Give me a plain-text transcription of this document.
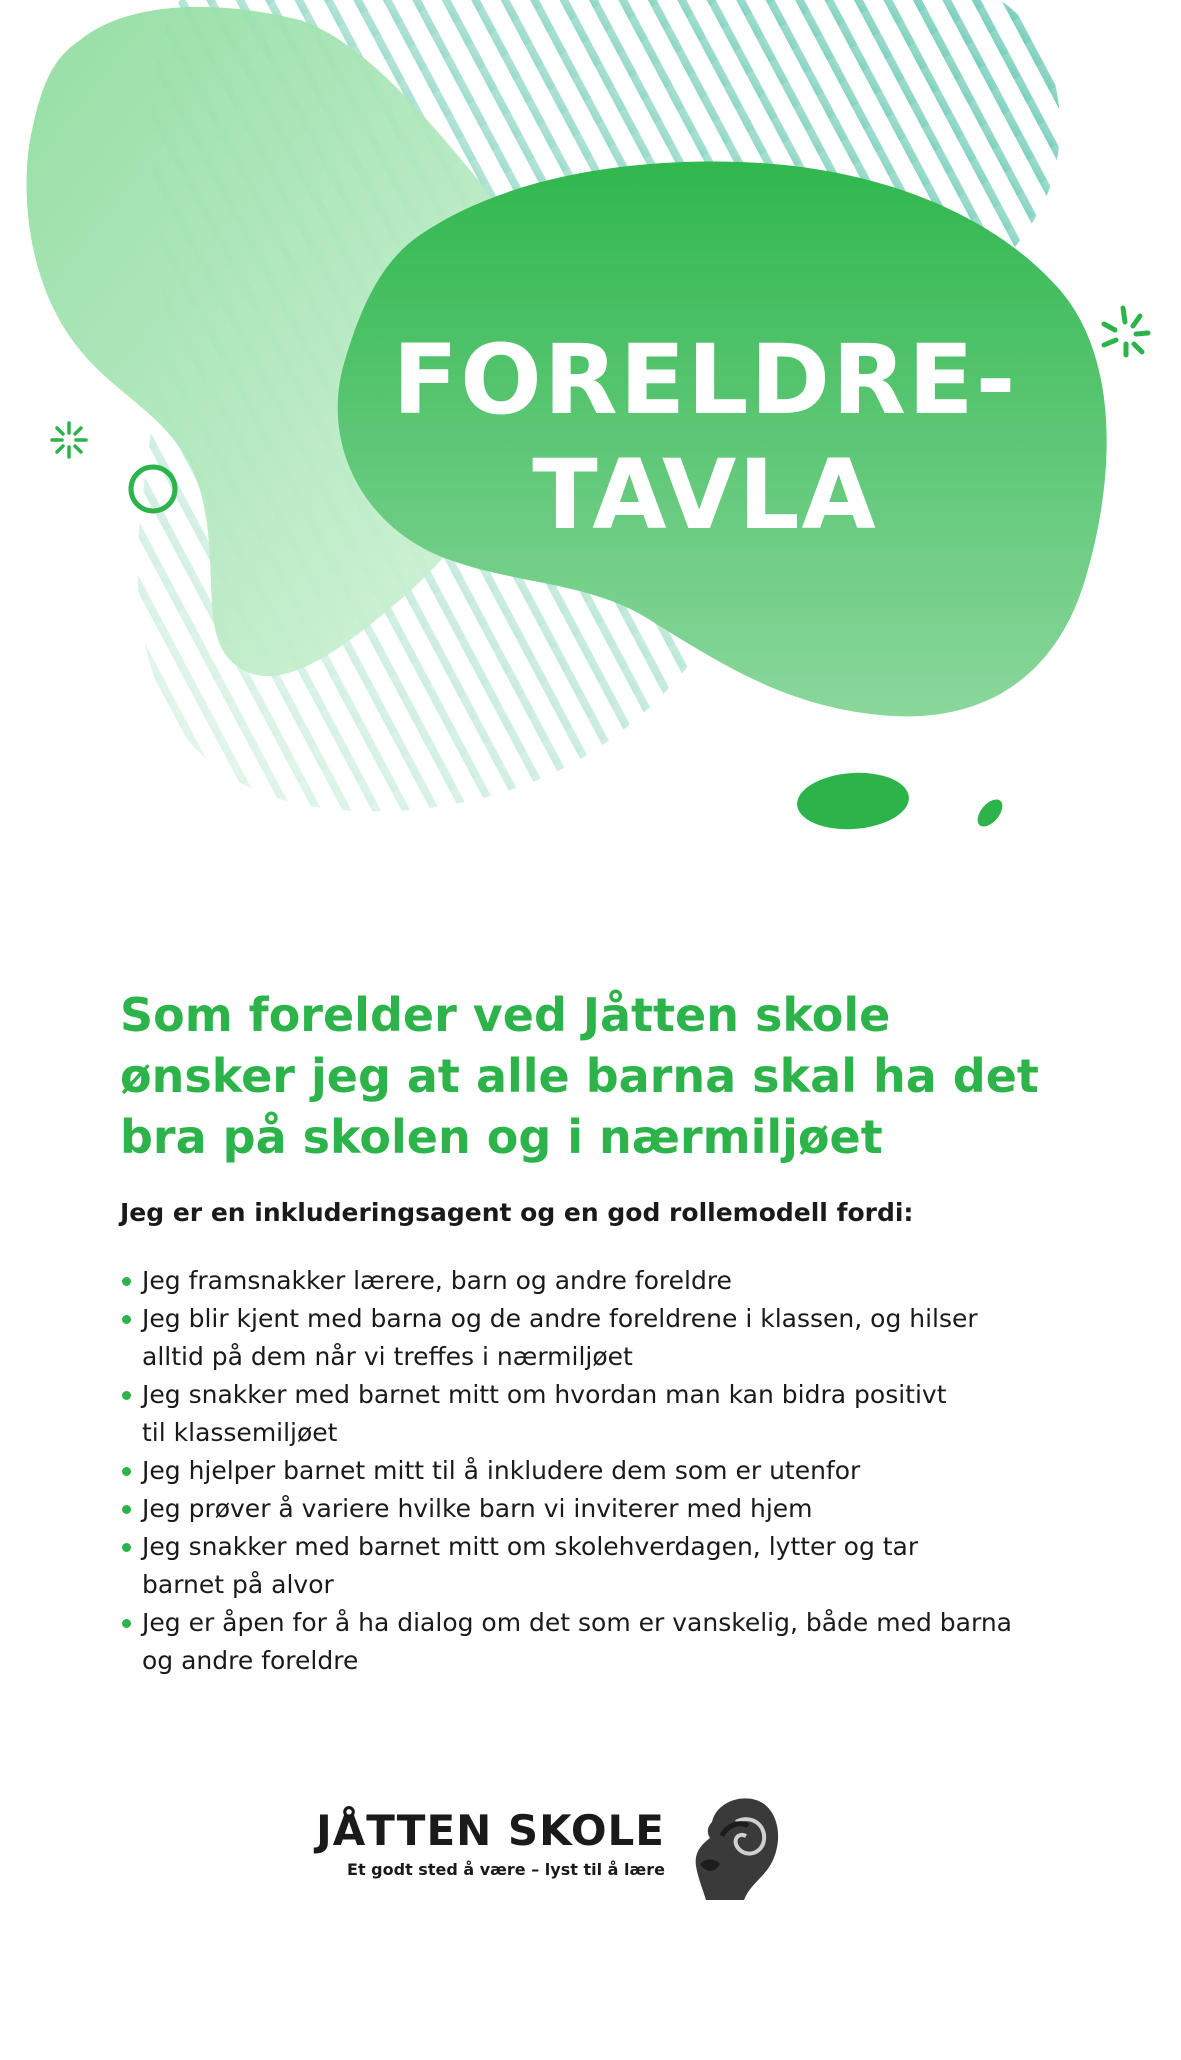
FORELDRE-
TAVLA
Som forelder ved Jåtten skole
ønsker jeg at alle barna skal ha det
bra på skolen og i nærmiljøet

Jeg er en inkluderingsagent og en god rollemodell fordi:

Jeg framsnakker lærere, barn og andre foreldre
Jeg blir kjent med barna og de andre foreldrene i klassen, og hilser
alltid på dem når vi treffes i nærmiljøet
Jeg snakker med barnet mitt om hvordan man kan bidra positivt
til klassemiljøet
Jeg hjelper barnet mitt til å inkludere dem som er utenfor
Jeg prøver å variere hvilke barn vi inviterer med hjem
Jeg snakker med barnet mitt om skolehverdagen, lytter og tar
barnet på alvor
Jeg er åpen for å ha dialog om det som er vanskelig, både med barna
og andre foreldre
JÅTTEN SKOLE
Et godt sted å være – lyst til å lære
